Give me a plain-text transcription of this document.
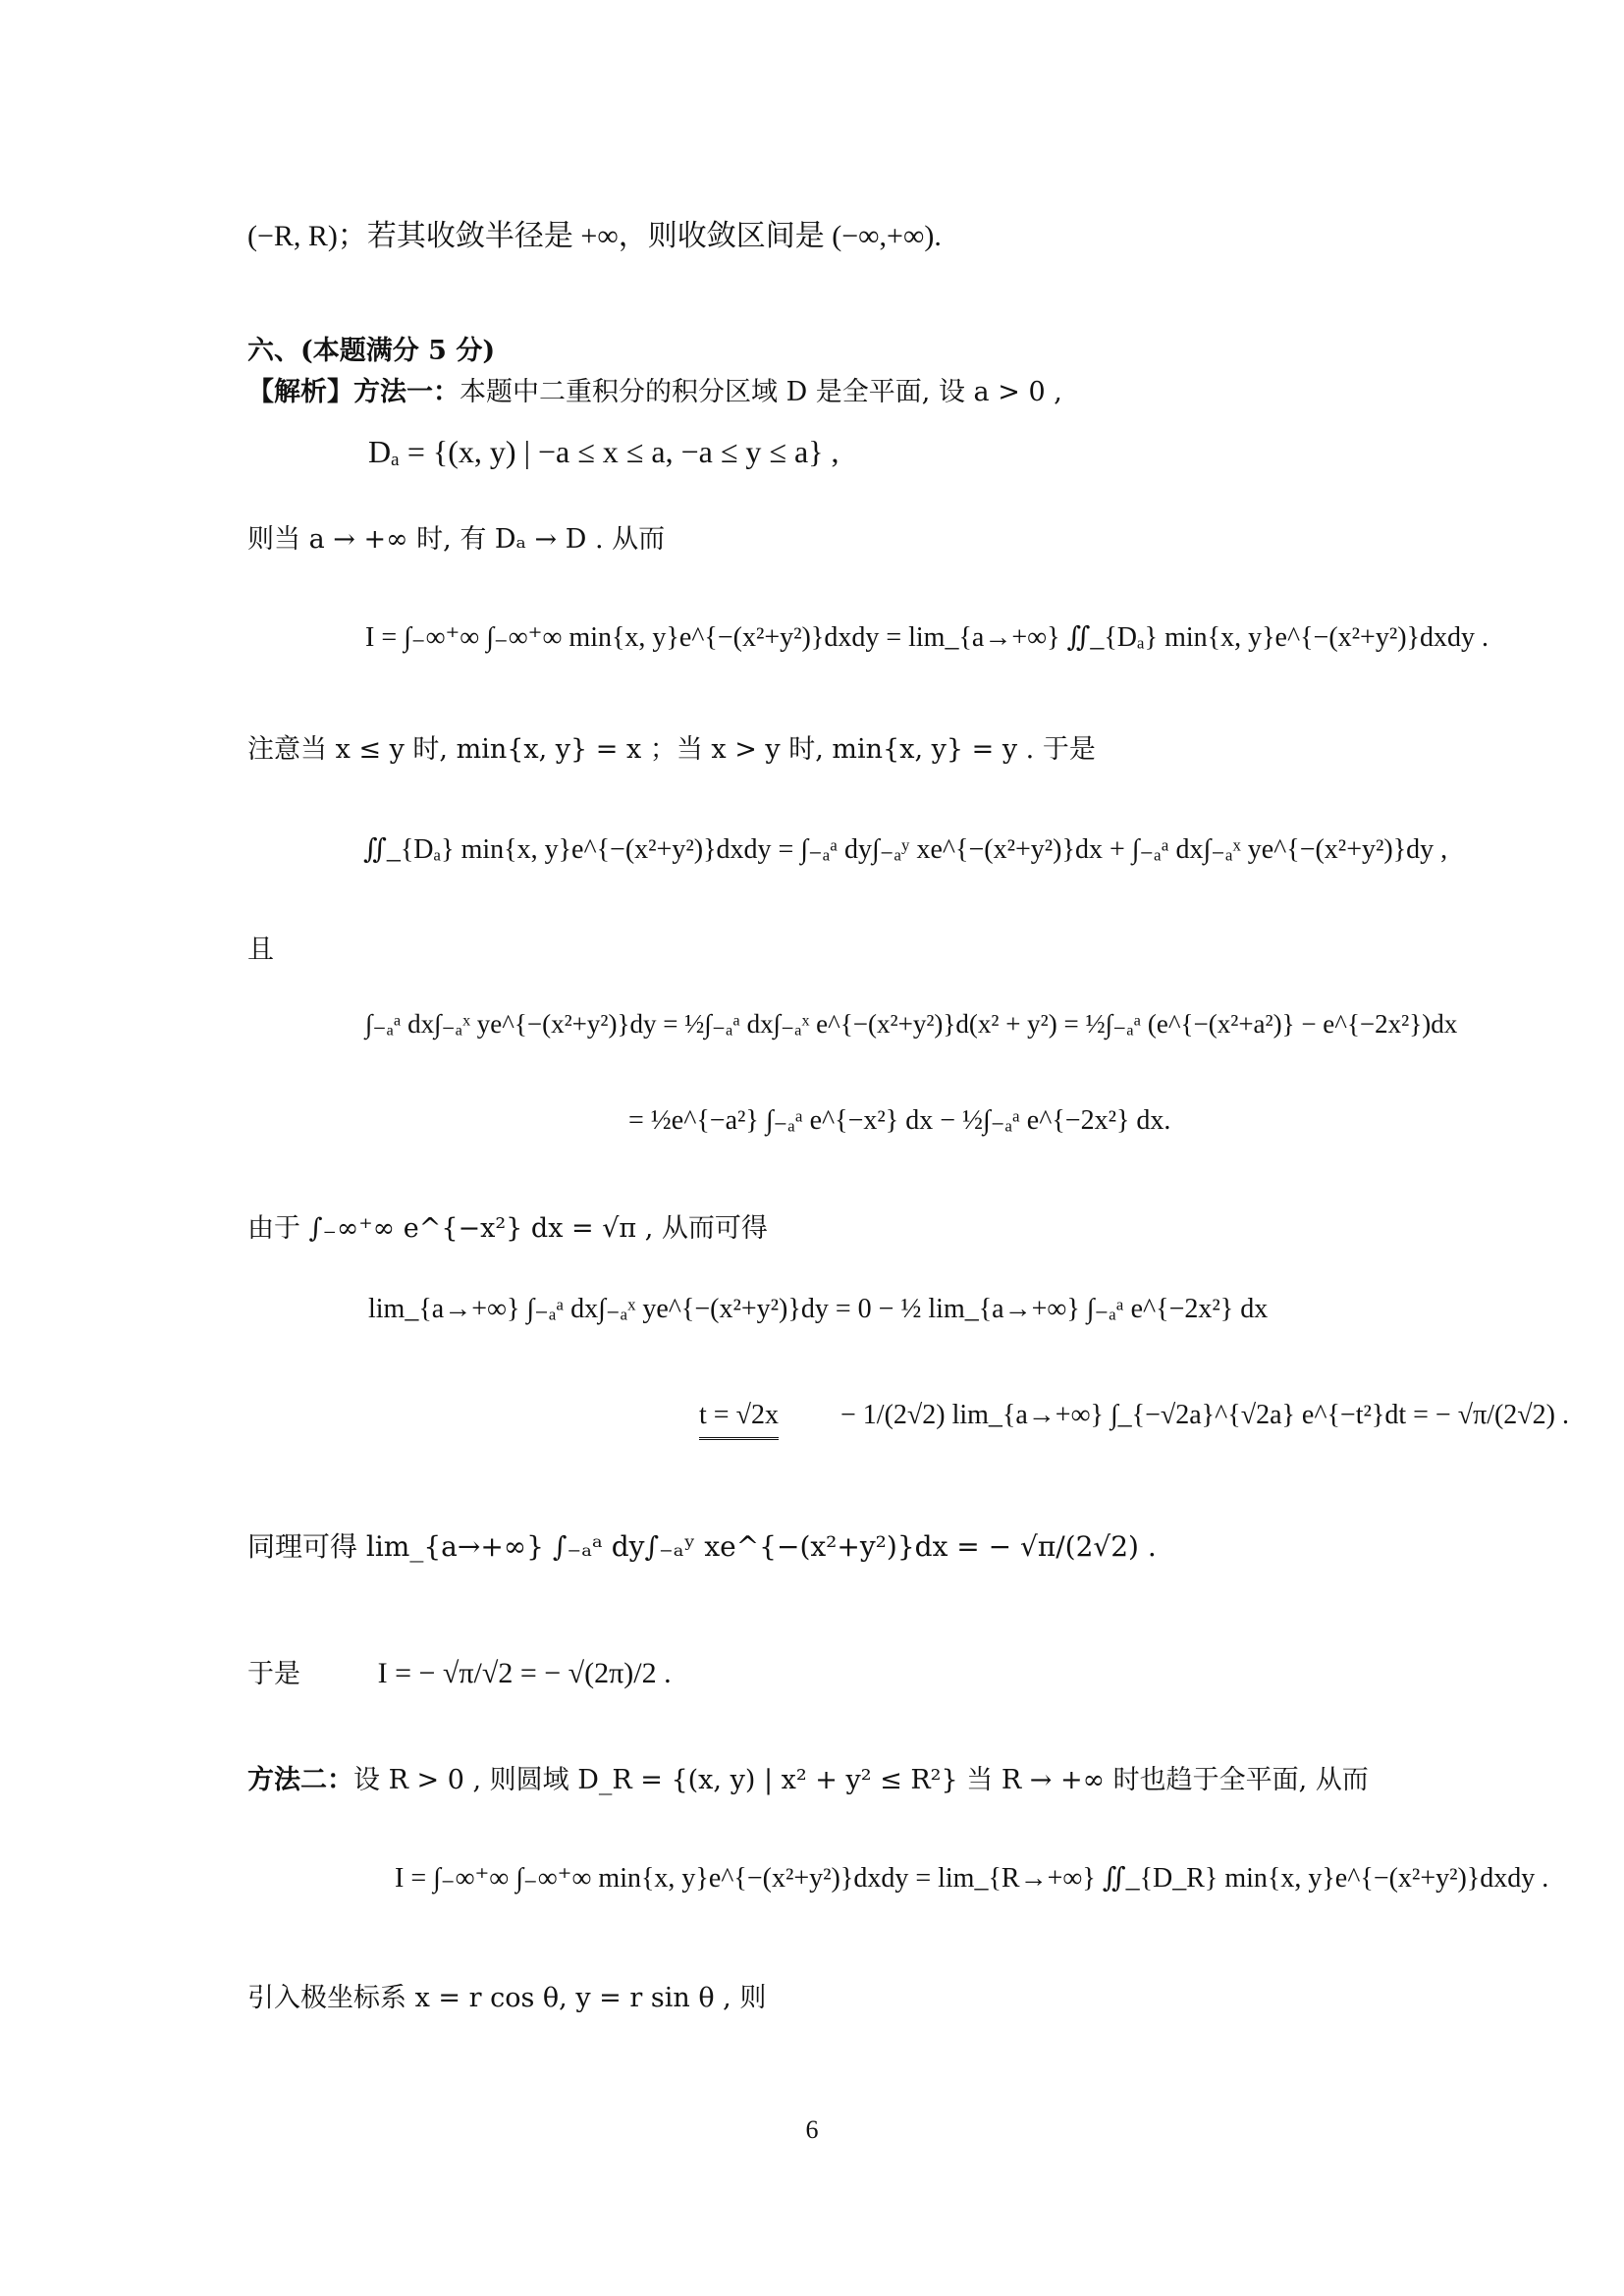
(−R, R)；若其收敛半径是 +∞，则收敛区间是 (−∞,+∞).
六、(本题满分 5 分)
【解析】方法一：本题中二重积分的积分区域 D 是全平面, 设 a > 0 ,
Dₐ = {(x, y) | −a ≤ x ≤ a, −a ≤ y ≤ a} ,
则当 a → +∞ 时, 有 Dₐ → D . 从而
I = ∫₋∞⁺∞ ∫₋∞⁺∞ min{x, y}e^{−(x²+y²)}dxdy = lim_{a→+∞} ∬_{Dₐ} min{x, y}e^{−(x²+y²)}dxdy .
注意当 x ≤ y 时, min{x, y} = x ；当 x > y 时, min{x, y} = y . 于是
∬_{Dₐ} min{x, y}e^{−(x²+y²)}dxdy = ∫₋ₐᵃ dy∫₋ₐʸ xe^{−(x²+y²)}dx + ∫₋ₐᵃ dx∫₋ₐˣ ye^{−(x²+y²)}dy ,
且
∫₋ₐᵃ dx∫₋ₐˣ ye^{−(x²+y²)}dy = ½∫₋ₐᵃ dx∫₋ₐˣ e^{−(x²+y²)}d(x² + y²) = ½∫₋ₐᵃ (e^{−(x²+a²)} − e^{−2x²})dx
= ½e^{−a²} ∫₋ₐᵃ e^{−x²} dx − ½∫₋ₐᵃ e^{−2x²} dx.
由于 ∫₋∞⁺∞ e^{−x²} dx = √π , 从而可得
lim_{a→+∞} ∫₋ₐᵃ dx∫₋ₐˣ ye^{−(x²+y²)}dy = 0 − ½ lim_{a→+∞} ∫₋ₐᵃ e^{−2x²} dx
t = √2x − 1/(2√2) lim_{a→+∞} ∫_{−√2a}^{√2a} e^{−t²}dt = − √π/(2√2) .
同理可得 lim_{a→+∞} ∫₋ₐᵃ dy∫₋ₐʸ xe^{−(x²+y²)}dx = − √π/(2√2) .
于是	I = − √π/√2 = − √(2π)/2 .
方法二：设 R > 0 , 则圆域 D_R = {(x, y) | x² + y² ≤ R²} 当 R → +∞ 时也趋于全平面, 从而
I = ∫₋∞⁺∞ ∫₋∞⁺∞ min{x, y}e^{−(x²+y²)}dxdy = lim_{R→+∞} ∬_{D_R} min{x, y}e^{−(x²+y²)}dxdy .
引入极坐标系 x = r cos θ, y = r sin θ , 则
6
